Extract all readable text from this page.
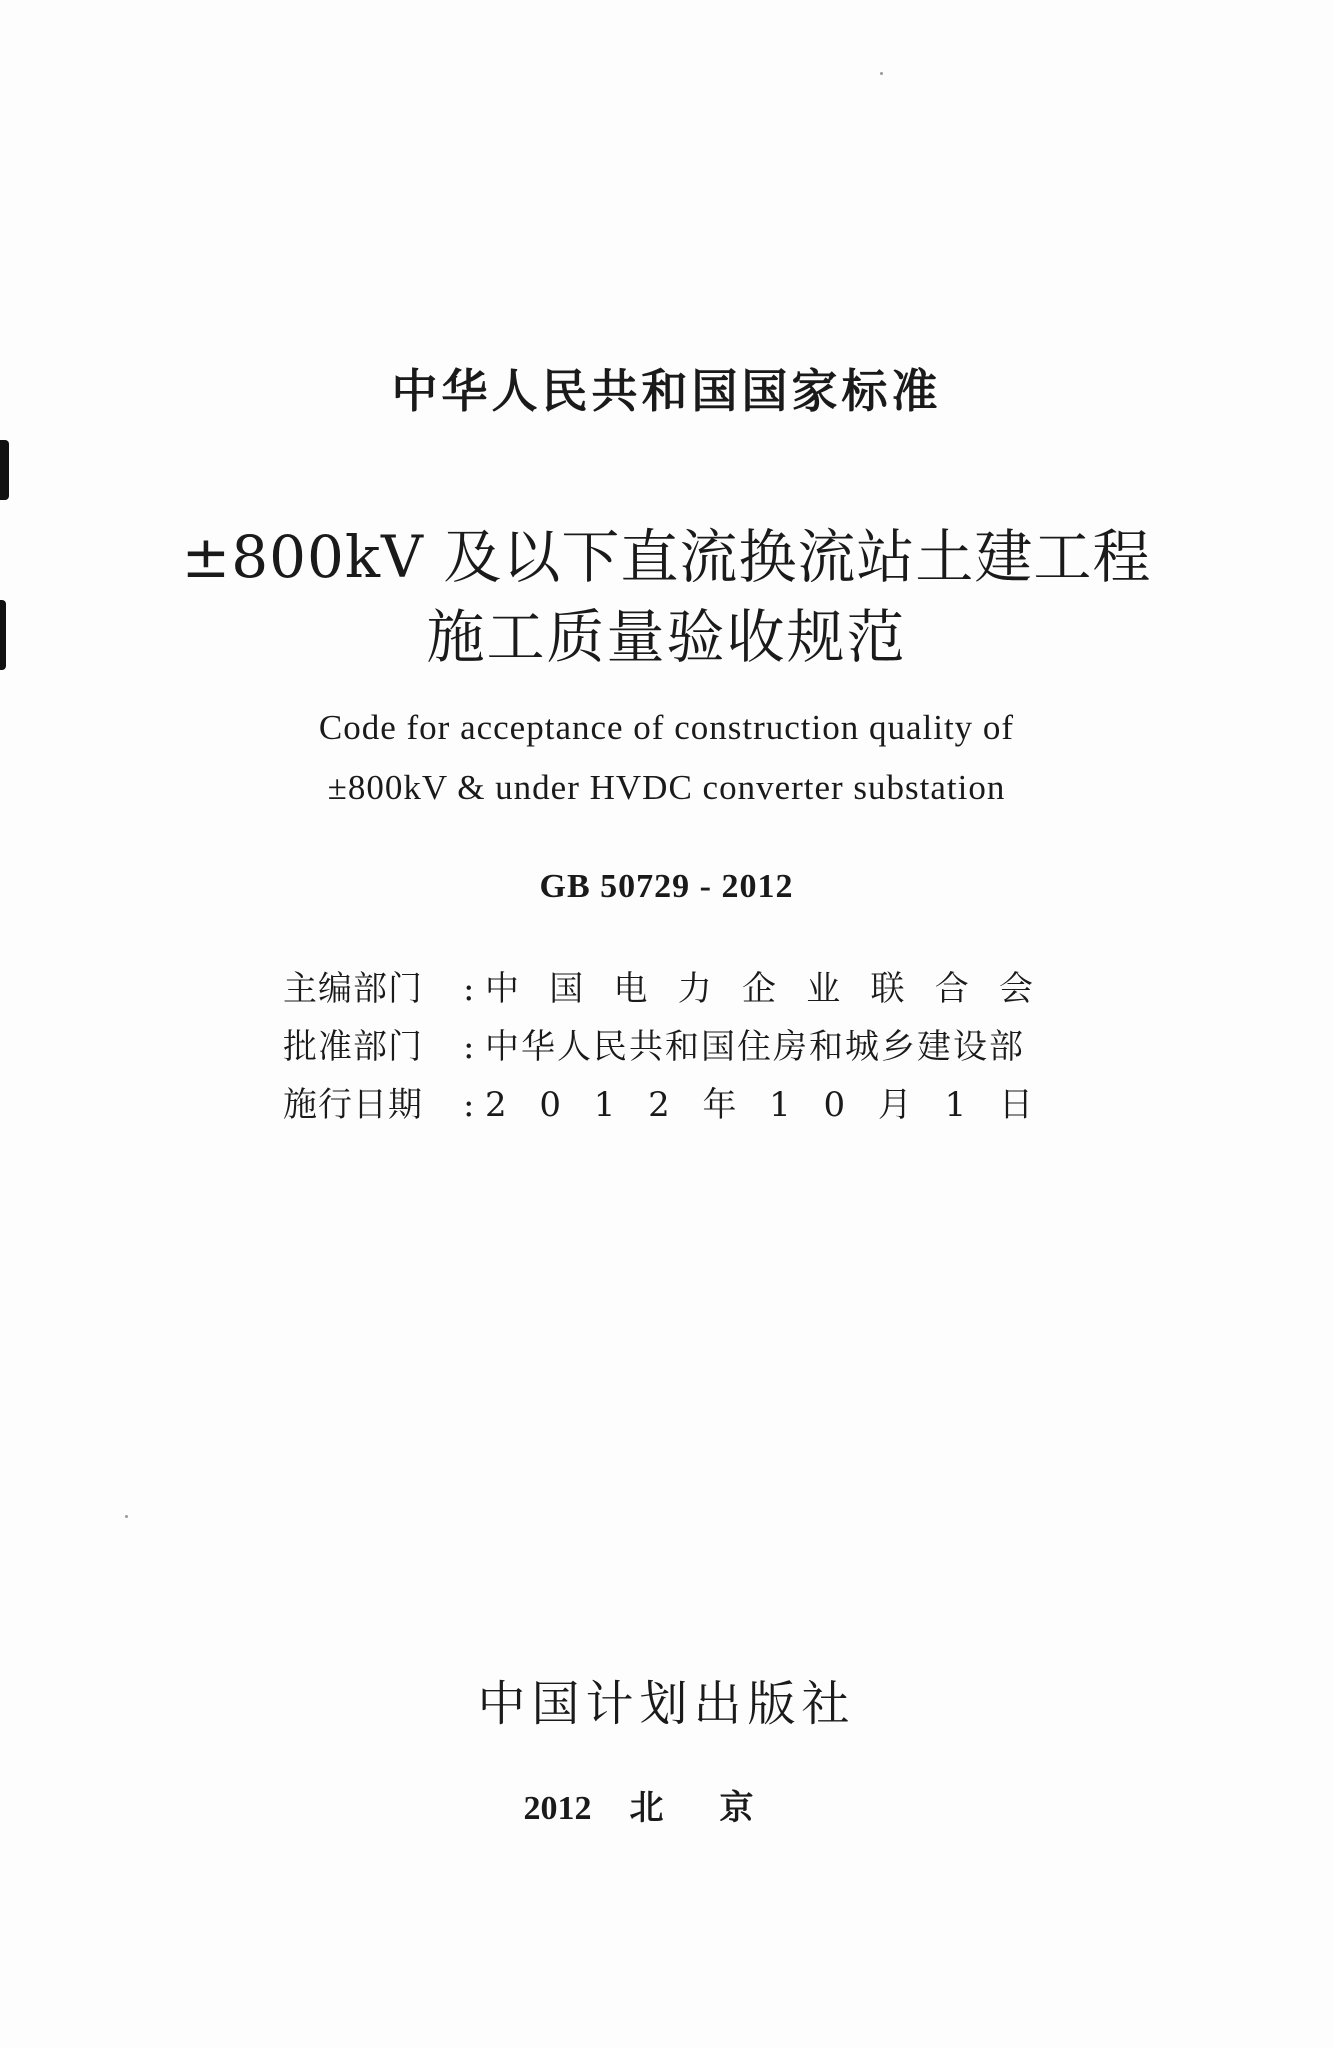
中华人民共和国国家标准
±800kV 及以下直流换流站土建工程
施工质量验收规范
Code for acceptance of construction quality of
±800kV & under HVDC converter substation
GB 50729 - 2012
主编部门	: 中 国 电 力 企 业 联 合 会
批准部门	: 中华人民共和国住房和城乡建设部
施行日期	: 2 0 1 2 年 1 0 月 1 日
中国计划出版社
2012 北京
